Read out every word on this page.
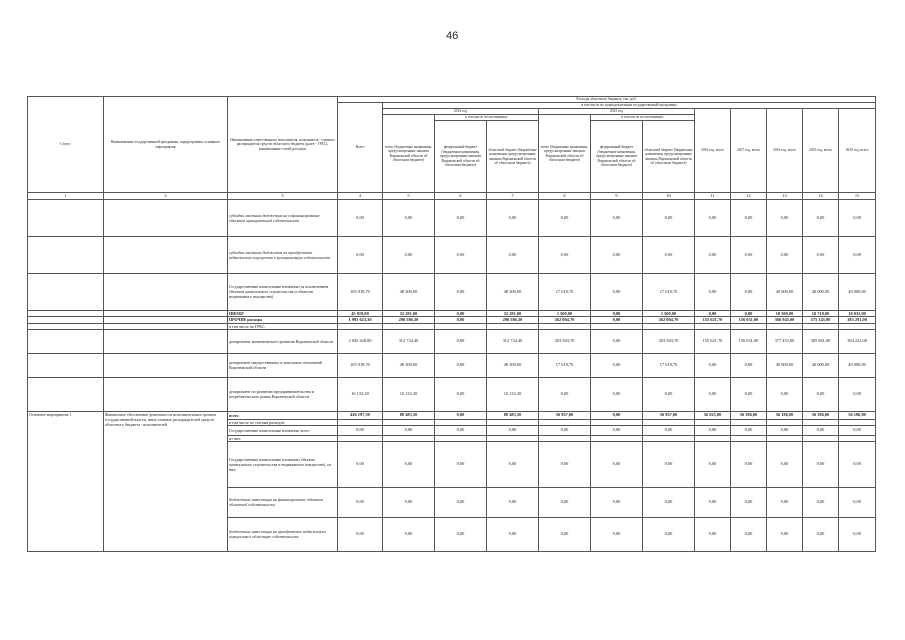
46
Статус	Наименование государственной программы, подпрограммы, основного мероприятия	Наименование ответственного исполнителя, исполнителя - главного распорядителя средств областного бюджета (далее - ГРБС), наименование статей расходов	Расходы областного бюджета, тыс. руб.											
			Всего	в том числе по годам реализации государственной программы										
				2014 год			2015 год			2016 год, всего	2017 год, всего	2018 год, всего	2019 год, всего	2020 год, всего
				всего (бюджетные назначения, предусмотренные законом Воронежской области об областном бюджете)	в том числе по источникам:		всего (бюджетные назначения, предусмотренные законом Воронежской области об областном бюджете)	в том числе по источникам:						
					федеральный бюджет (бюджетные назначения, предусмотренные законом Воронежской области об областном бюджете)	областной бюджет (бюджетные назначения, предусмотренные законом Воронежской области об областном бюджете)		федеральный бюджет (бюджетные назначения, предусмотренные законом Воронежской области об областном бюджете)	областной бюджет (бюджетные назначения, предусмотренные законом Воронежской области об областном бюджете)					
1	2	3	4	5	6	7	8	9	10	11	12	13	14	15
		субсидии местным бюджетам на софинансирование объектов муниципальной собственности	0,00	0,00	0,00	0,00	0,00	0,00	0,00	0,00	0,00	0,00	0,00	0,00
		субсидии местным бюджетам на приобретение недвижимого имущества в муниципальную собственность	0,00	0,00	0,00	0,00	0,00	0,00	0,00	0,00	0,00	0,00	0,00	0,00
		Государственные капитальные вложения (за исключением объектов капитального строительства и объектов недвижимого имущества)	105 918,70	48 300,00	0,00	48 300,00	17 618,70	0,00	17 618,70	0,00	0,00	40 000,00	40 000,00	40 000,00
		НИОКР	45 819,00	32 281,00	0,00	32 281,00	1 500,00	0,00	1 500,00	0,00	0,00	10 500,00	10 718,00	10 932,00
		ПРОЧИЕ расходы	1 995 623,30	296 586,30	0,00	296 586,30	262 004,70	0,00	262 004,70	155 621,70	156 031,00	366 945,00	375 145,00	383 291,00
		в том числе по ГРБС:												
		департамент экономического развития Воронежской области	2 045 428,80	312 734,40	0,00	312 734,40	263 504,70	0,00	263 504,70	155 621,70	156 031,00	377 453,00	385 861,00	394 223,00
		департамент имущественных и земельных отношений Воронежской области	105 918,70	48 300,00	0,00	48 300,00	17 618,70	0,00	17 618,70	0,00	0,00	40 000,00	40 000,00	40 000,00
		департамент по развитию предпринимательства и потребительского рынка Воронежской области	16 133,30	16 133,30	0,00	16 133,30	0,00	0,00	0,00	0,00	0,00	0,00	0,00	0,00
Основное мероприятие 1	Финансовое обеспечение деятельности исполнительных органов государственной власти, иных главных распорядителей средств областного бюджета - исполнителей	всего	426 197,50	88 483,50	0,00	88 483,50	56 937,00	0,00	56 937,00	56 025,00	56 186,00	56 186,00	56 186,00	56 186,00
		в том числе по статьям расходов:												
		Государственные капитальные вложения, всего	0,00	0,00	0,00	0,00	0,00	0,00	0,00	0,00	0,00	0,00	0,00	0,00
		из них:												
		Государственные капитальные вложения (объекты капитального строительства и недвижимого имущества), из них:	0,00	0,00	0,00	0,00	0,00	0,00	0,00	0,00	0,00	0,00	0,00	0,00
		бюджетные инвестиции на финансирование объектов областной собственности	0,00	0,00	0,00	0,00	0,00	0,00	0,00	0,00	0,00	0,00	0,00	0,00
		бюджетные инвестиции на приобретение недвижимого имущества в областную собственность	0,00	0,00	0,00	0,00	0,00	0,00	0,00	0,00	0,00	0,00	0,00	0,00
